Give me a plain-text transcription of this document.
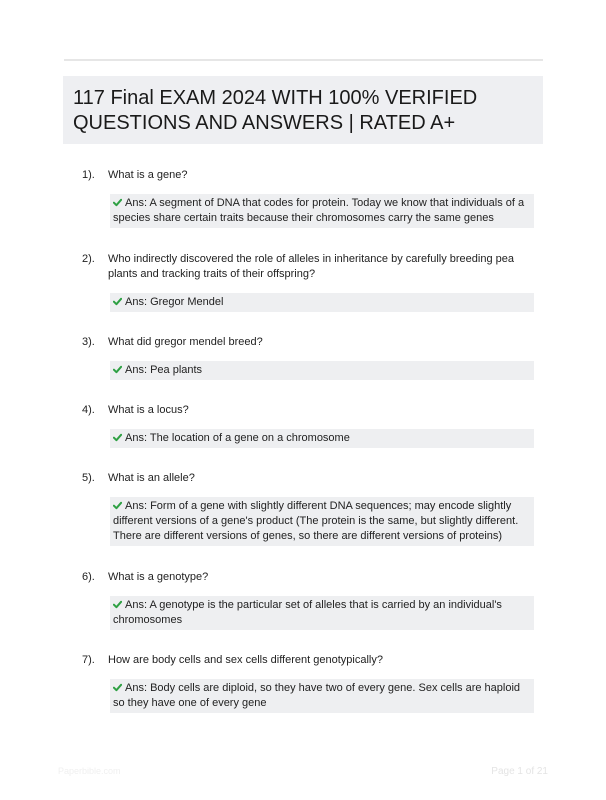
117 Final EXAM 2024 WITH 100% VERIFIED QUESTIONS AND ANSWERS | RATED A+
1). What is a gene?
Ans: A segment of DNA that codes for protein. Today we know that individuals of a species share certain traits because their chromosomes carry the same genes
2). Who indirectly discovered the role of alleles in inheritance by carefully breeding pea plants and tracking traits of their offspring?
Ans: Gregor Mendel
3). What did gregor mendel breed?
Ans: Pea plants
4). What is a locus?
Ans: The location of a gene on a chromosome
5). What is an allele?
Ans: Form of a gene with slightly different DNA sequences; may encode slightly different versions of a gene's product (The protein is the same, but slightly different. There are different versions of genes, so there are different versions of proteins)
6). What is a genotype?
Ans: A genotype is the particular set of alleles that is carried by an individual's chromosomes
7). How are body cells and sex cells different genotypically?
Ans: Body cells are diploid, so they have two of every gene. Sex cells are haploid so they have one of every gene
Paperbible.com	Page 1 of 21
